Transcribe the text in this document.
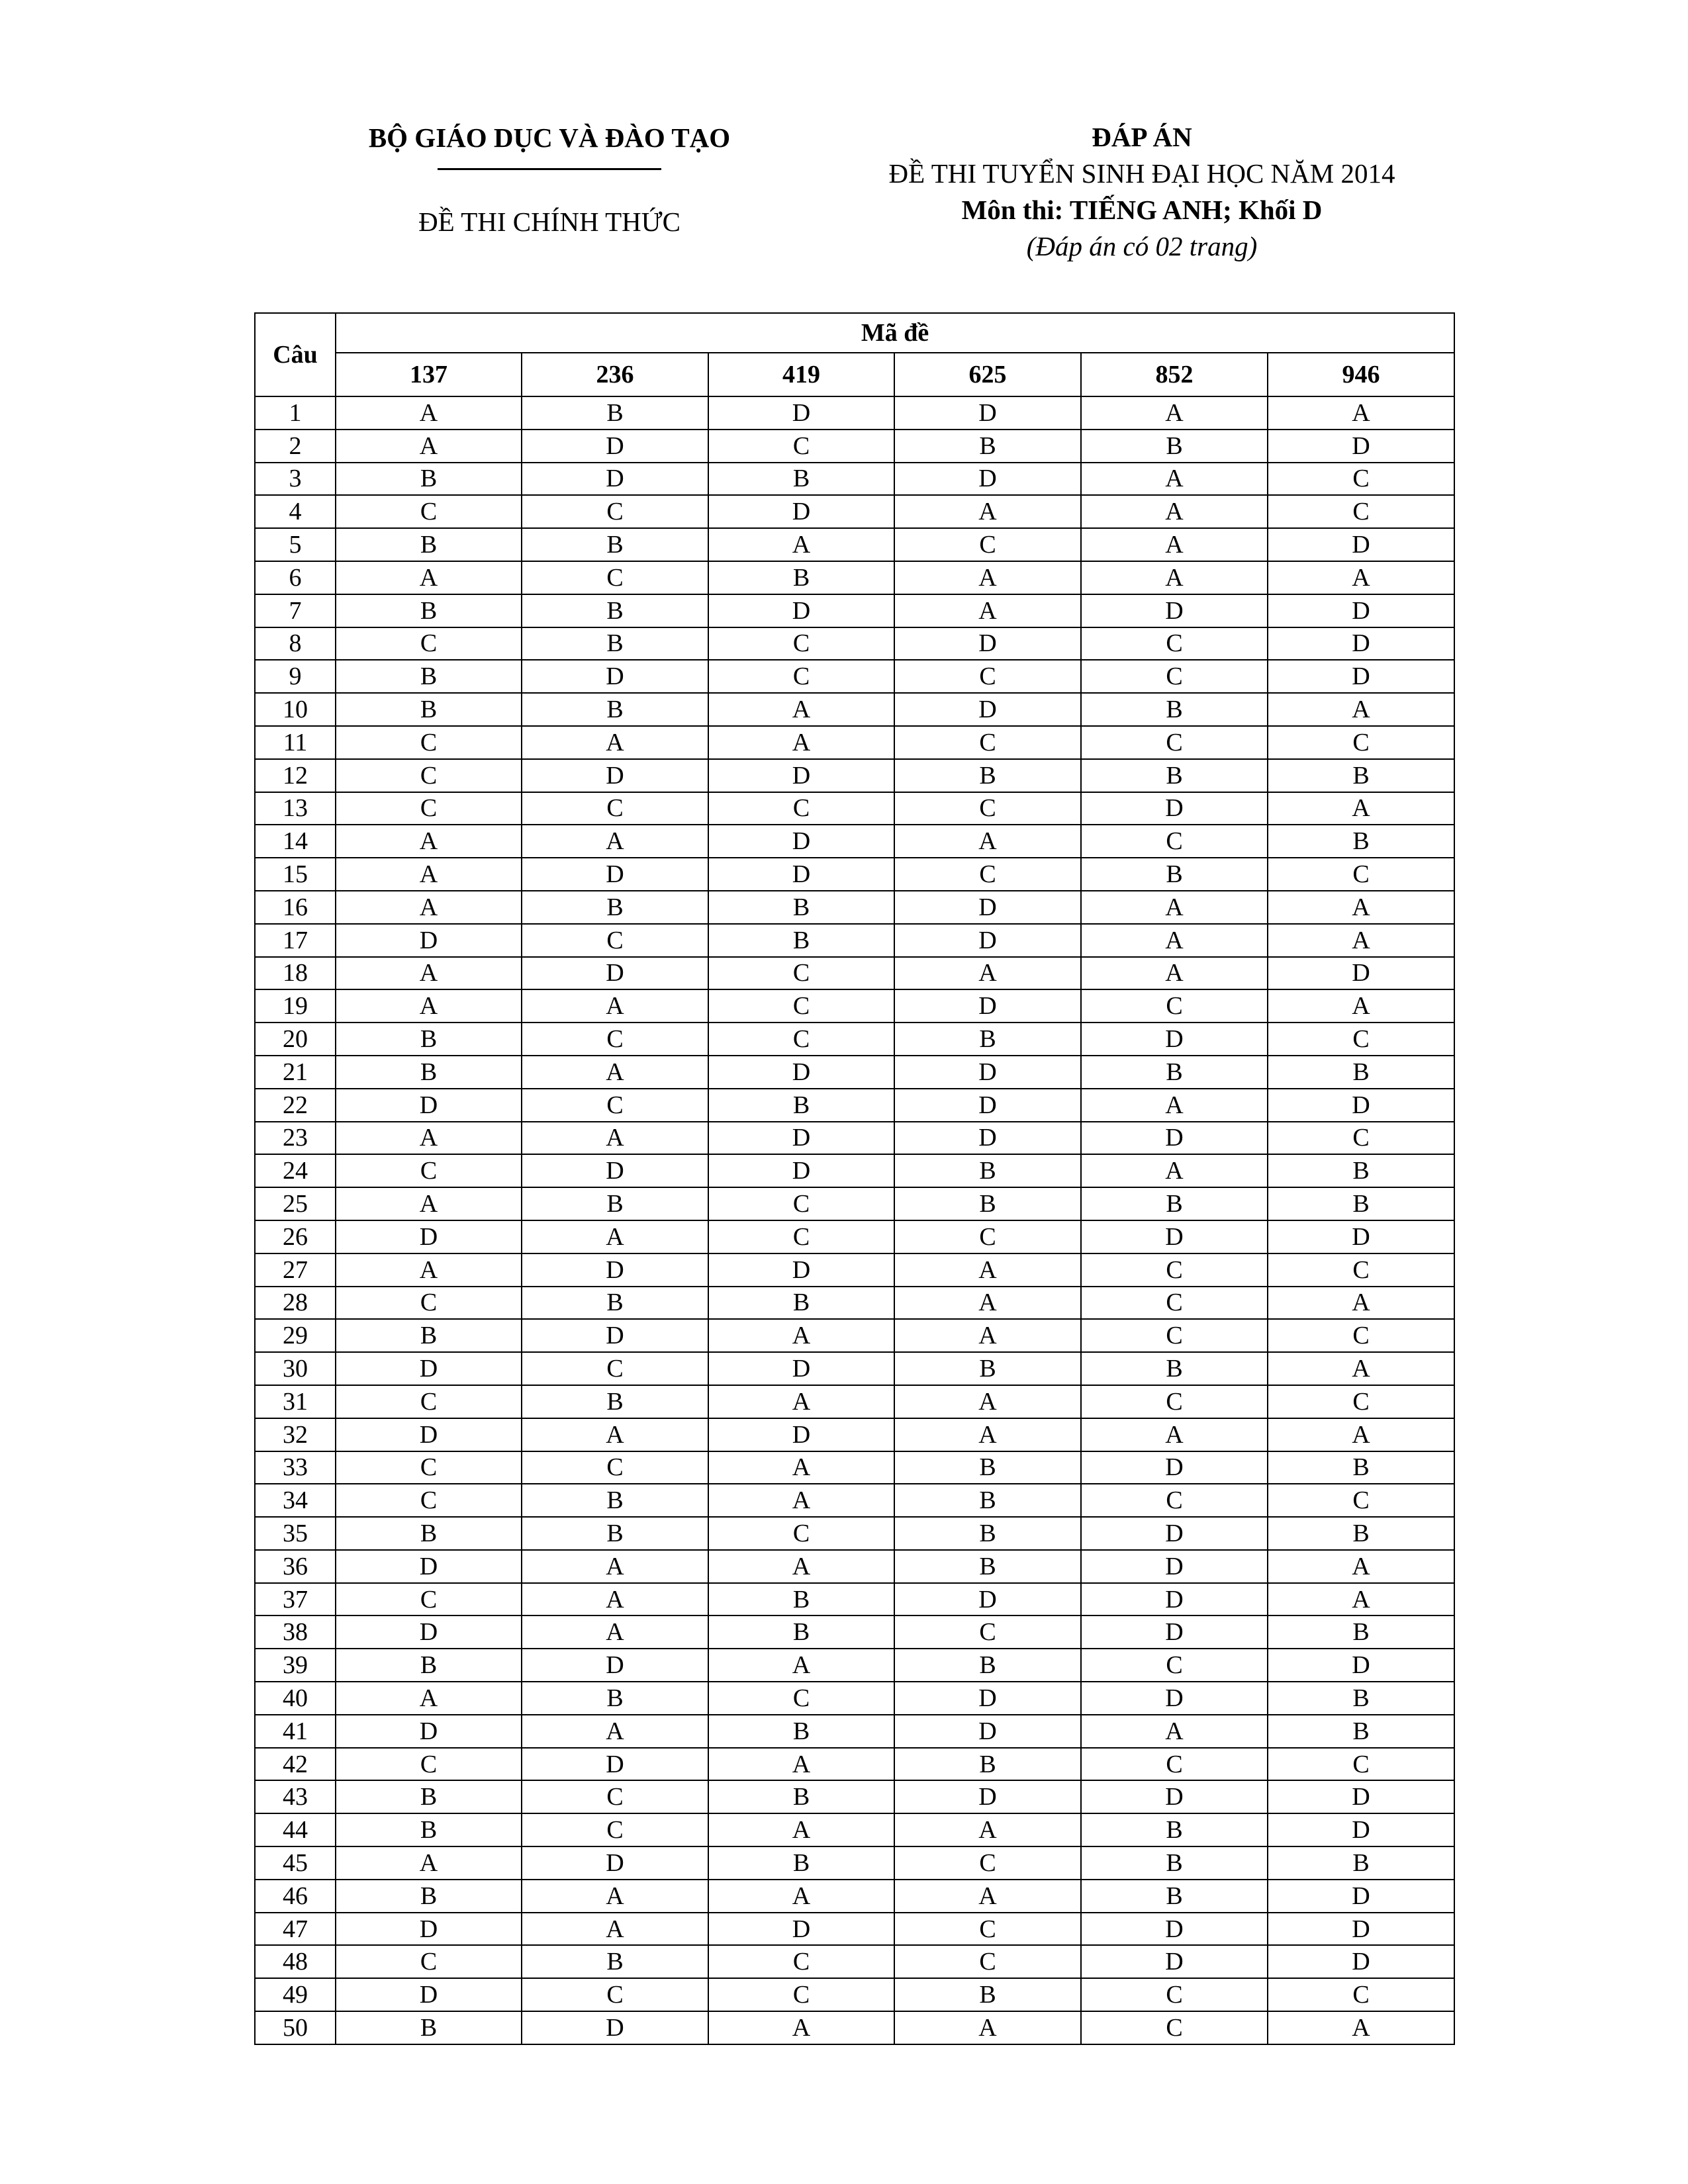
BỘ GIÁO DỤC VÀ ĐÀO TẠO
ĐỀ THI CHÍNH THỨC
ĐÁP ÁN
ĐỀ THI TUYỂN SINH ĐẠI HỌC NĂM 2014
Môn thi: TIẾNG ANH; Khối D
(Đáp án có 02 trang)
Câu	Mã đề					
	137	236	419	625	852	946
1	A	B	D	D	A	A
2	A	D	C	B	B	D
3	B	D	B	D	A	C
4	C	C	D	A	A	C
5	B	B	A	C	A	D
6	A	C	B	A	A	A
7	B	B	D	A	D	D
8	C	B	C	D	C	D
9	B	D	C	C	C	D
10	B	B	A	D	B	A
11	C	A	A	C	C	C
12	C	D	D	B	B	B
13	C	C	C	C	D	A
14	A	A	D	A	C	B
15	A	D	D	C	B	C
16	A	B	B	D	A	A
17	D	C	B	D	A	A
18	A	D	C	A	A	D
19	A	A	C	D	C	A
20	B	C	C	B	D	C
21	B	A	D	D	B	B
22	D	C	B	D	A	D
23	A	A	D	D	D	C
24	C	D	D	B	A	B
25	A	B	C	B	B	B
26	D	A	C	C	D	D
27	A	D	D	A	C	C
28	C	B	B	A	C	A
29	B	D	A	A	C	C
30	D	C	D	B	B	A
31	C	B	A	A	C	C
32	D	A	D	A	A	A
33	C	C	A	B	D	B
34	C	B	A	B	C	C
35	B	B	C	B	D	B
36	D	A	A	B	D	A
37	C	A	B	D	D	A
38	D	A	B	C	D	B
39	B	D	A	B	C	D
40	A	B	C	D	D	B
41	D	A	B	D	A	B
42	C	D	A	B	C	C
43	B	C	B	D	D	D
44	B	C	A	A	B	D
45	A	D	B	C	B	B
46	B	A	A	A	B	D
47	D	A	D	C	D	D
48	C	B	C	C	D	D
49	D	C	C	B	C	C
50	B	D	A	A	C	A
